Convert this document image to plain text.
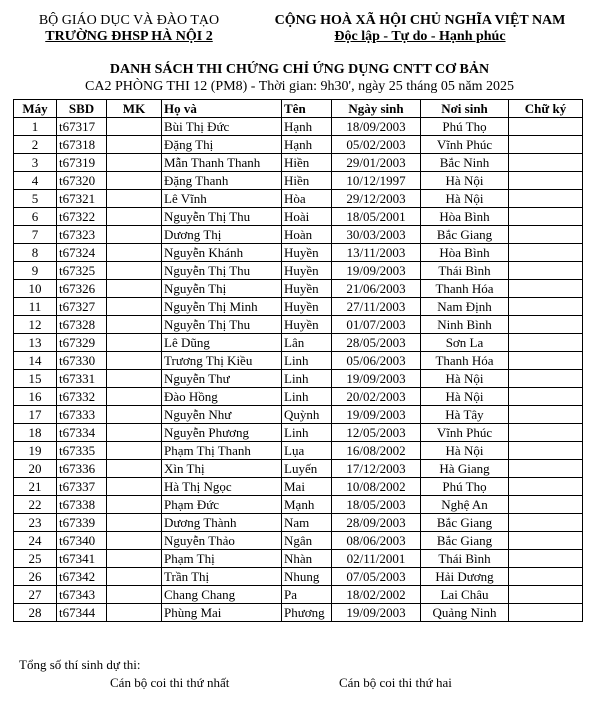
BỘ GIÁO DỤC VÀ ĐÀO TẠO
TRƯỜNG ĐHSP HÀ NỘI 2
CỘNG HOÀ XÃ HỘI CHỦ NGHĨA VIỆT NAM
Độc lập - Tự do - Hạnh phúc
DANH SÁCH THI CHỨNG CHỈ ỨNG DỤNG CNTT CƠ BẢN
CA2 PHÒNG THI 12 (PM8) - Thời gian: 9h30', ngày 25 tháng 05 năm 2025
Máy	SBD	MK	Họ và	Tên	Ngày sinh	Nơi sinh	Chữ ký
1	t67317		Bùi Thị Đức	Hạnh	18/09/2003	Phú Thọ	
2	t67318		Đặng Thị	Hạnh	05/02/2003	Vĩnh Phúc	
3	t67319		Mẫn Thanh Thanh	Hiền	29/01/2003	Bắc Ninh	
4	t67320		Đặng Thanh	Hiền	10/12/1997	Hà Nội	
5	t67321		Lê Vĩnh	Hòa	29/12/2003	Hà Nội	
6	t67322		Nguyễn Thị Thu	Hoài	18/05/2001	Hòa Bình	
7	t67323		Dương Thị	Hoàn	30/03/2003	Bắc Giang	
8	t67324		Nguyễn Khánh	Huyền	13/11/2003	Hòa Bình	
9	t67325		Nguyễn Thị Thu	Huyền	19/09/2003	Thái Bình	
10	t67326		Nguyễn Thị	Huyền	21/06/2003	Thanh Hóa	
11	t67327		Nguyễn Thị Minh	Huyền	27/11/2003	Nam Định	
12	t67328		Nguyễn Thị Thu	Huyền	01/07/2003	Ninh Bình	
13	t67329		Lê Dũng	Lân	28/05/2003	Sơn La	
14	t67330		Trương Thị Kiều	Linh	05/06/2003	Thanh Hóa	
15	t67331		Nguyễn Thư	Linh	19/09/2003	Hà Nội	
16	t67332		Đào Hồng	Linh	20/02/2003	Hà Nội	
17	t67333		Nguyễn Như	Quỳnh	19/09/2003	Hà Tây	
18	t67334		Nguyễn Phương	Linh	12/05/2003	Vĩnh Phúc	
19	t67335		Phạm Thị Thanh	Lụa	16/08/2002	Hà Nội	
20	t67336		Xìn Thị	Luyến	17/12/2003	Hà Giang	
21	t67337		Hà Thị Ngọc	Mai	10/08/2002	Phú Thọ	
22	t67338		Phạm Đức	Mạnh	18/05/2003	Nghệ An	
23	t67339		Dương Thành	Nam	28/09/2003	Bắc Giang	
24	t67340		Nguyễn Thảo	Ngân	08/06/2003	Bắc Giang	
25	t67341		Phạm Thị	Nhàn	02/11/2001	Thái Bình	
26	t67342		Trần Thị	Nhung	07/05/2003	Hải Dương	
27	t67343		Chang Chang	Pa	18/02/2002	Lai Châu	
28	t67344		Phùng Mai	Phương	19/09/2003	Quảng Ninh	
Tổng số thí sinh dự thi:
Cán bộ coi thi thứ nhất	Cán bộ coi thi thứ hai
